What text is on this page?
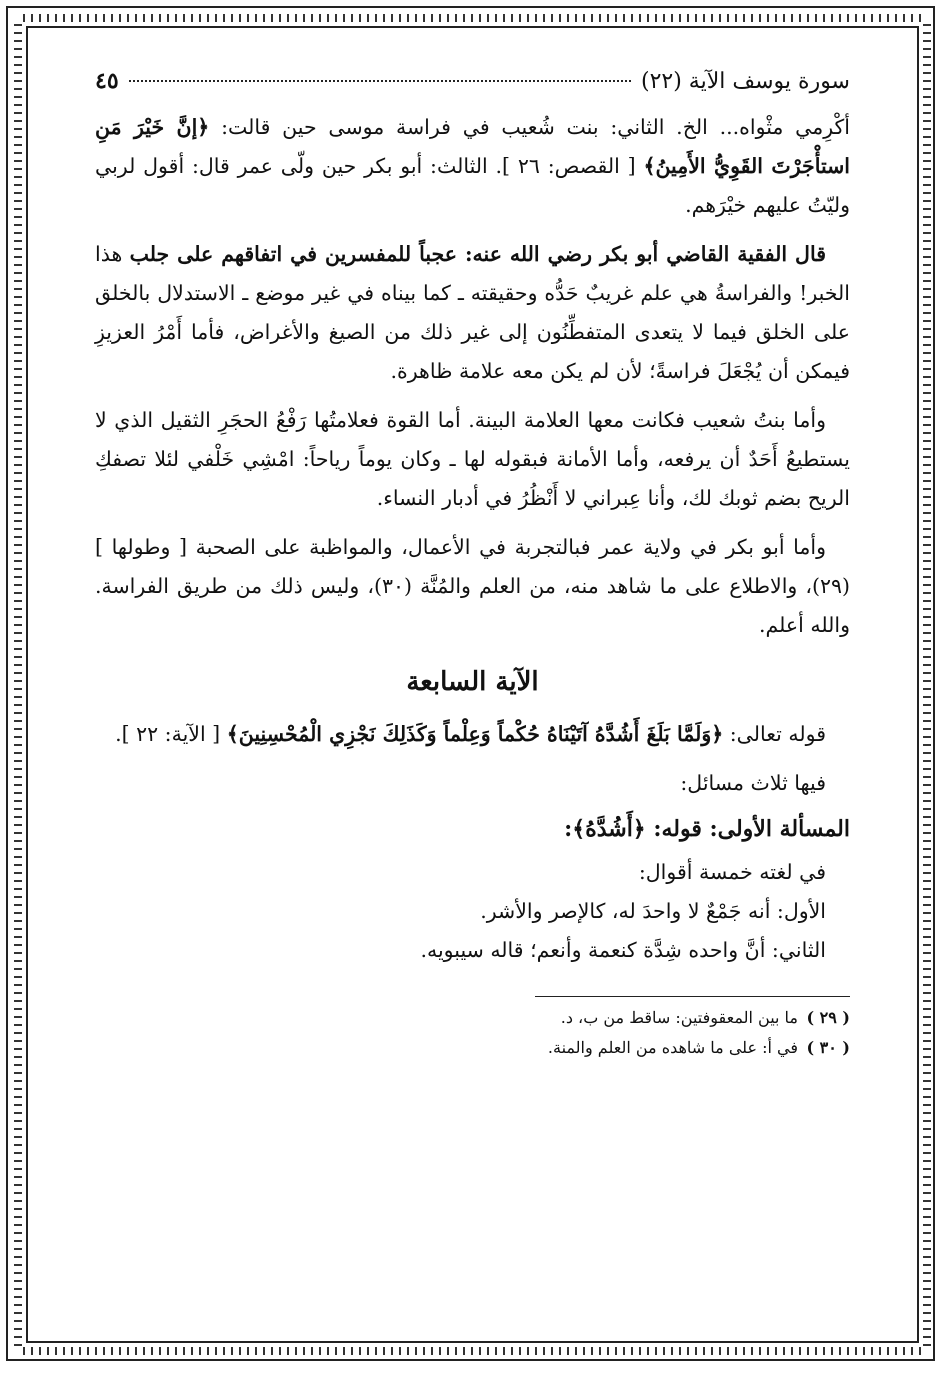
سورة يوسف الآية (٢٢)
٤٥

أكْرِمي مثْواه... الخ. الثاني: بنت شُعيب في فراسة موسى حين قالت: ﴿إنَّ خَيْرَ مَنِ استأْجَرْتَ القَوِيُّ الأَمِينُ﴾ [ القصص: ٢٦ ]. الثالث: أبو بكر حين ولّى عمر قال: أقول لربي وليّتُ عليهم خيْرَهم.

قال الفقية القاضي أبو بكر رضي الله عنه: عجباً للمفسرين في اتفاقهم على جلب هذا الخبر! والفراسةُ هي علم غريبٌ حَدُّه وحقيقته ـ كما بيناه في غير موضع ـ الاستدلال بالخلق على الخلق فيما لا يتعدى المتفطِّنُون إلى غير ذلك من الصيغ والأغراض، فأما أَمْرُ العزيزِ فيمكن أن يُجْعَلَ فراسةً؛ لأن لم يكن معه علامة ظاهرة.

وأما بنتُ شعيب فكانت معها العلامة البينة. أما القوة فعلامتُها رَفْعُ الحجَرِ الثقيل الذي لا يستطيعُ أَحَدٌ أن يرفعه، وأما الأمانة فبقوله لها ـ وكان يوماً رياحاً: امْشِي خَلْفي لئلا تصفكِ الريح بضم ثوبك لك، وأنا عِبراني لا أَنْظُرُ في أدبار النساء.

وأما أبو بكر في ولاية عمر فبالتجربة في الأعمال، والمواظبة على الصحبة [ وطولها ] (٢٩)، والاطلاع على ما شاهد منه، من العلم والمُنَّة (٣٠)، وليس ذلك من طريق الفراسة. والله أعلم.

الآية السابعة

قوله تعالى: ﴿وَلَمَّا بَلَغَ أَشُدَّهُ آتَيْنَاهُ حُكْماً وَعِلْماً وَكَذَلِكَ نَجْزِي الْمُحْسِنِينَ﴾ [ الآية: ٢٢ ].

فيها ثلاث مسائل:
المسألة الأولى: قوله: ﴿أَشُدَّهُ﴾:
في لغته خمسة أقوال:
الأول: أنه جَمْعٌ لا واحدَ له، كالإصر والأشر.
الثاني: أنَّ واحده شِدَّة كنعمة وأنعم؛ قاله سيبويه.
( ٢٩ )
ما بين المعقوفتين: ساقط من ب، د.
( ٣٠ )
في أ: على ما شاهده من العلم والمنة.
